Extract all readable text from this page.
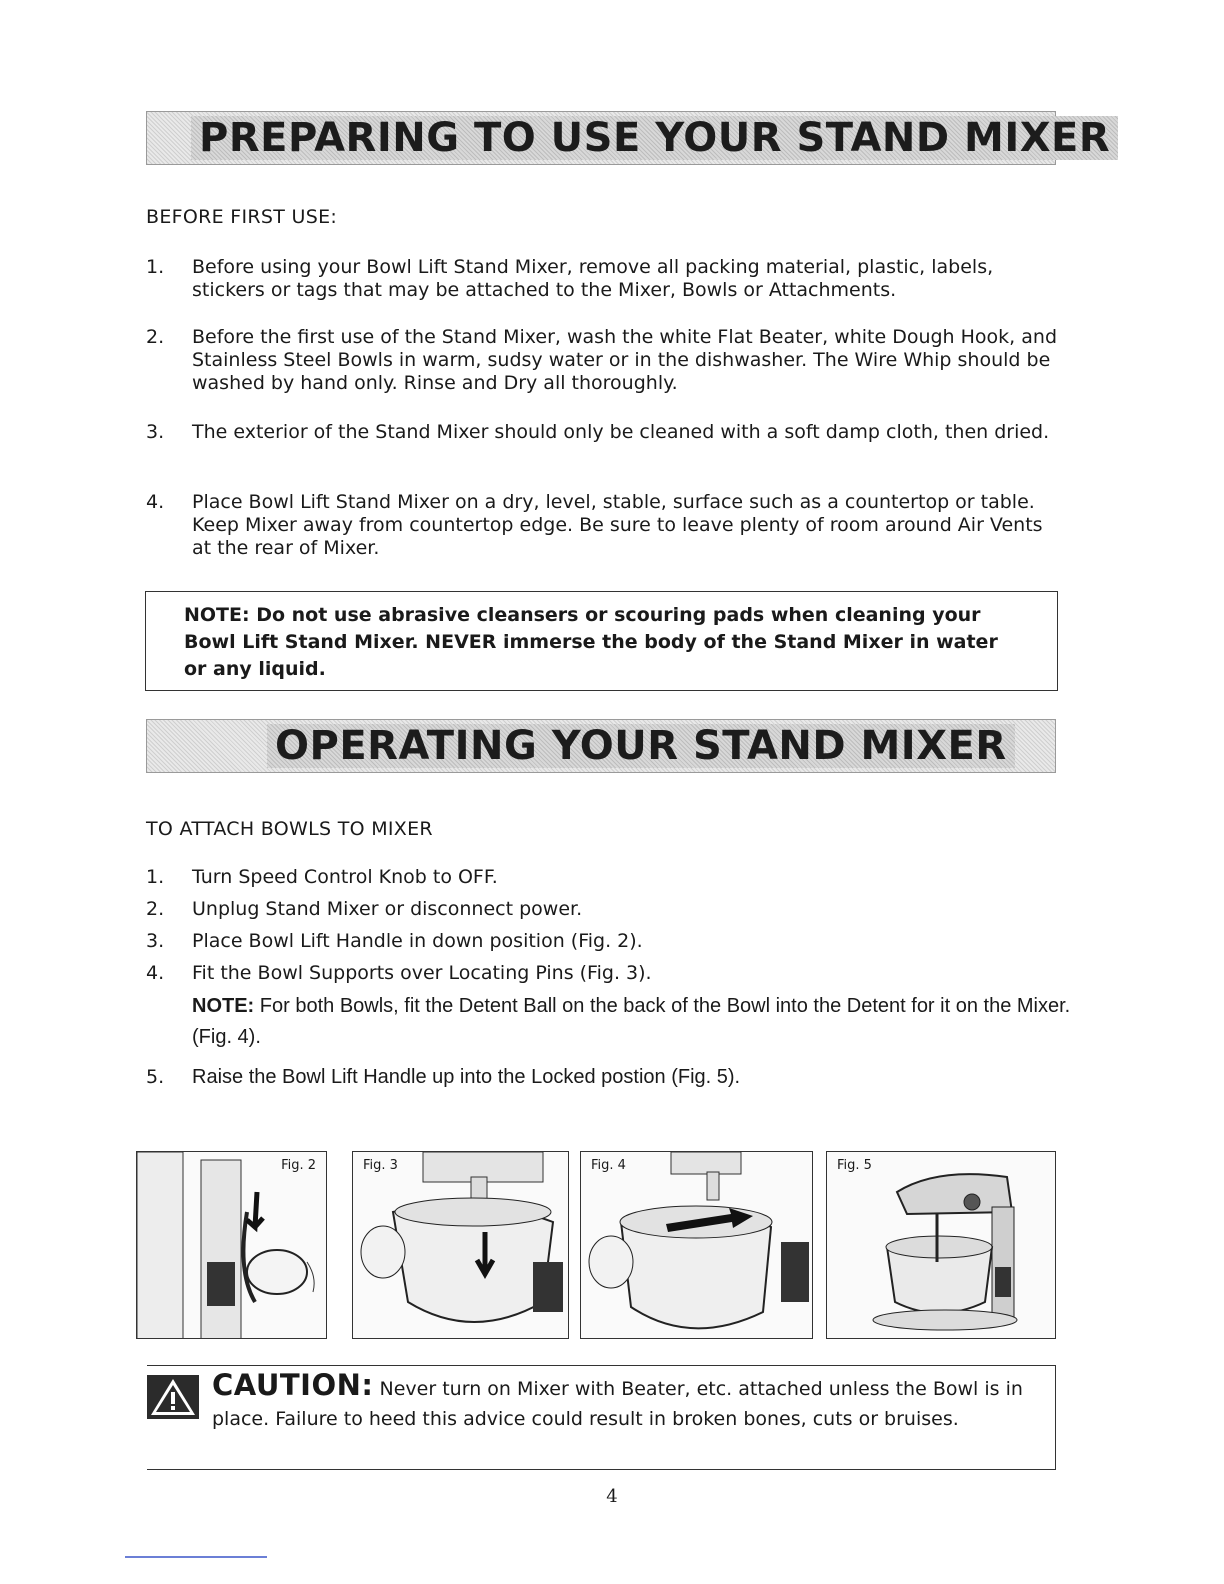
PREPARING TO USE YOUR STAND MIXER
BEFORE FIRST USE:
1. Before using your Bowl Lift Stand Mixer, remove all packing material, plastic, labels, stickers or tags that may be attached to the Mixer, Bowls or Attachments.
2. Before the first use of the Stand Mixer, wash the white Flat Beater, white Dough Hook, and Stainless Steel Bowls in warm, sudsy water or in the dishwasher. The Wire Whip should be washed by hand only. Rinse and Dry all thoroughly.
3. The exterior of the Stand Mixer should only be cleaned with a soft damp cloth, then dried.
4. Place Bowl Lift Stand Mixer on a dry, level, stable, surface such as a countertop or table. Keep Mixer away from countertop edge. Be sure to leave plenty of room around Air Vents at the rear of Mixer.
NOTE: Do not use abrasive cleansers or scouring pads when cleaning your Bowl Lift Stand Mixer. NEVER immerse the body of the Stand Mixer in water or any liquid.
OPERATING YOUR STAND MIXER
TO ATTACH BOWLS TO MIXER
1. Turn Speed Control Knob to OFF.
2. Unplug Stand Mixer or disconnect power.
3. Place Bowl Lift Handle in down position (Fig. 2).
4. Fit the Bowl Supports over Locating Pins (Fig. 3).
NOTE: For both Bowls, fit the Detent Ball on the back of the Bowl into the Detent for it on the Mixer. (Fig. 4).
5. Raise the Bowl Lift Handle up into the Locked postion (Fig. 5).
Fig. 2	Fig. 3	Fig. 4	Fig. 5
CAUTION: Never turn on Mixer with Beater, etc. attached unless the Bowl is in place. Failure to heed this advice could result in broken bones, cuts or bruises.
4
